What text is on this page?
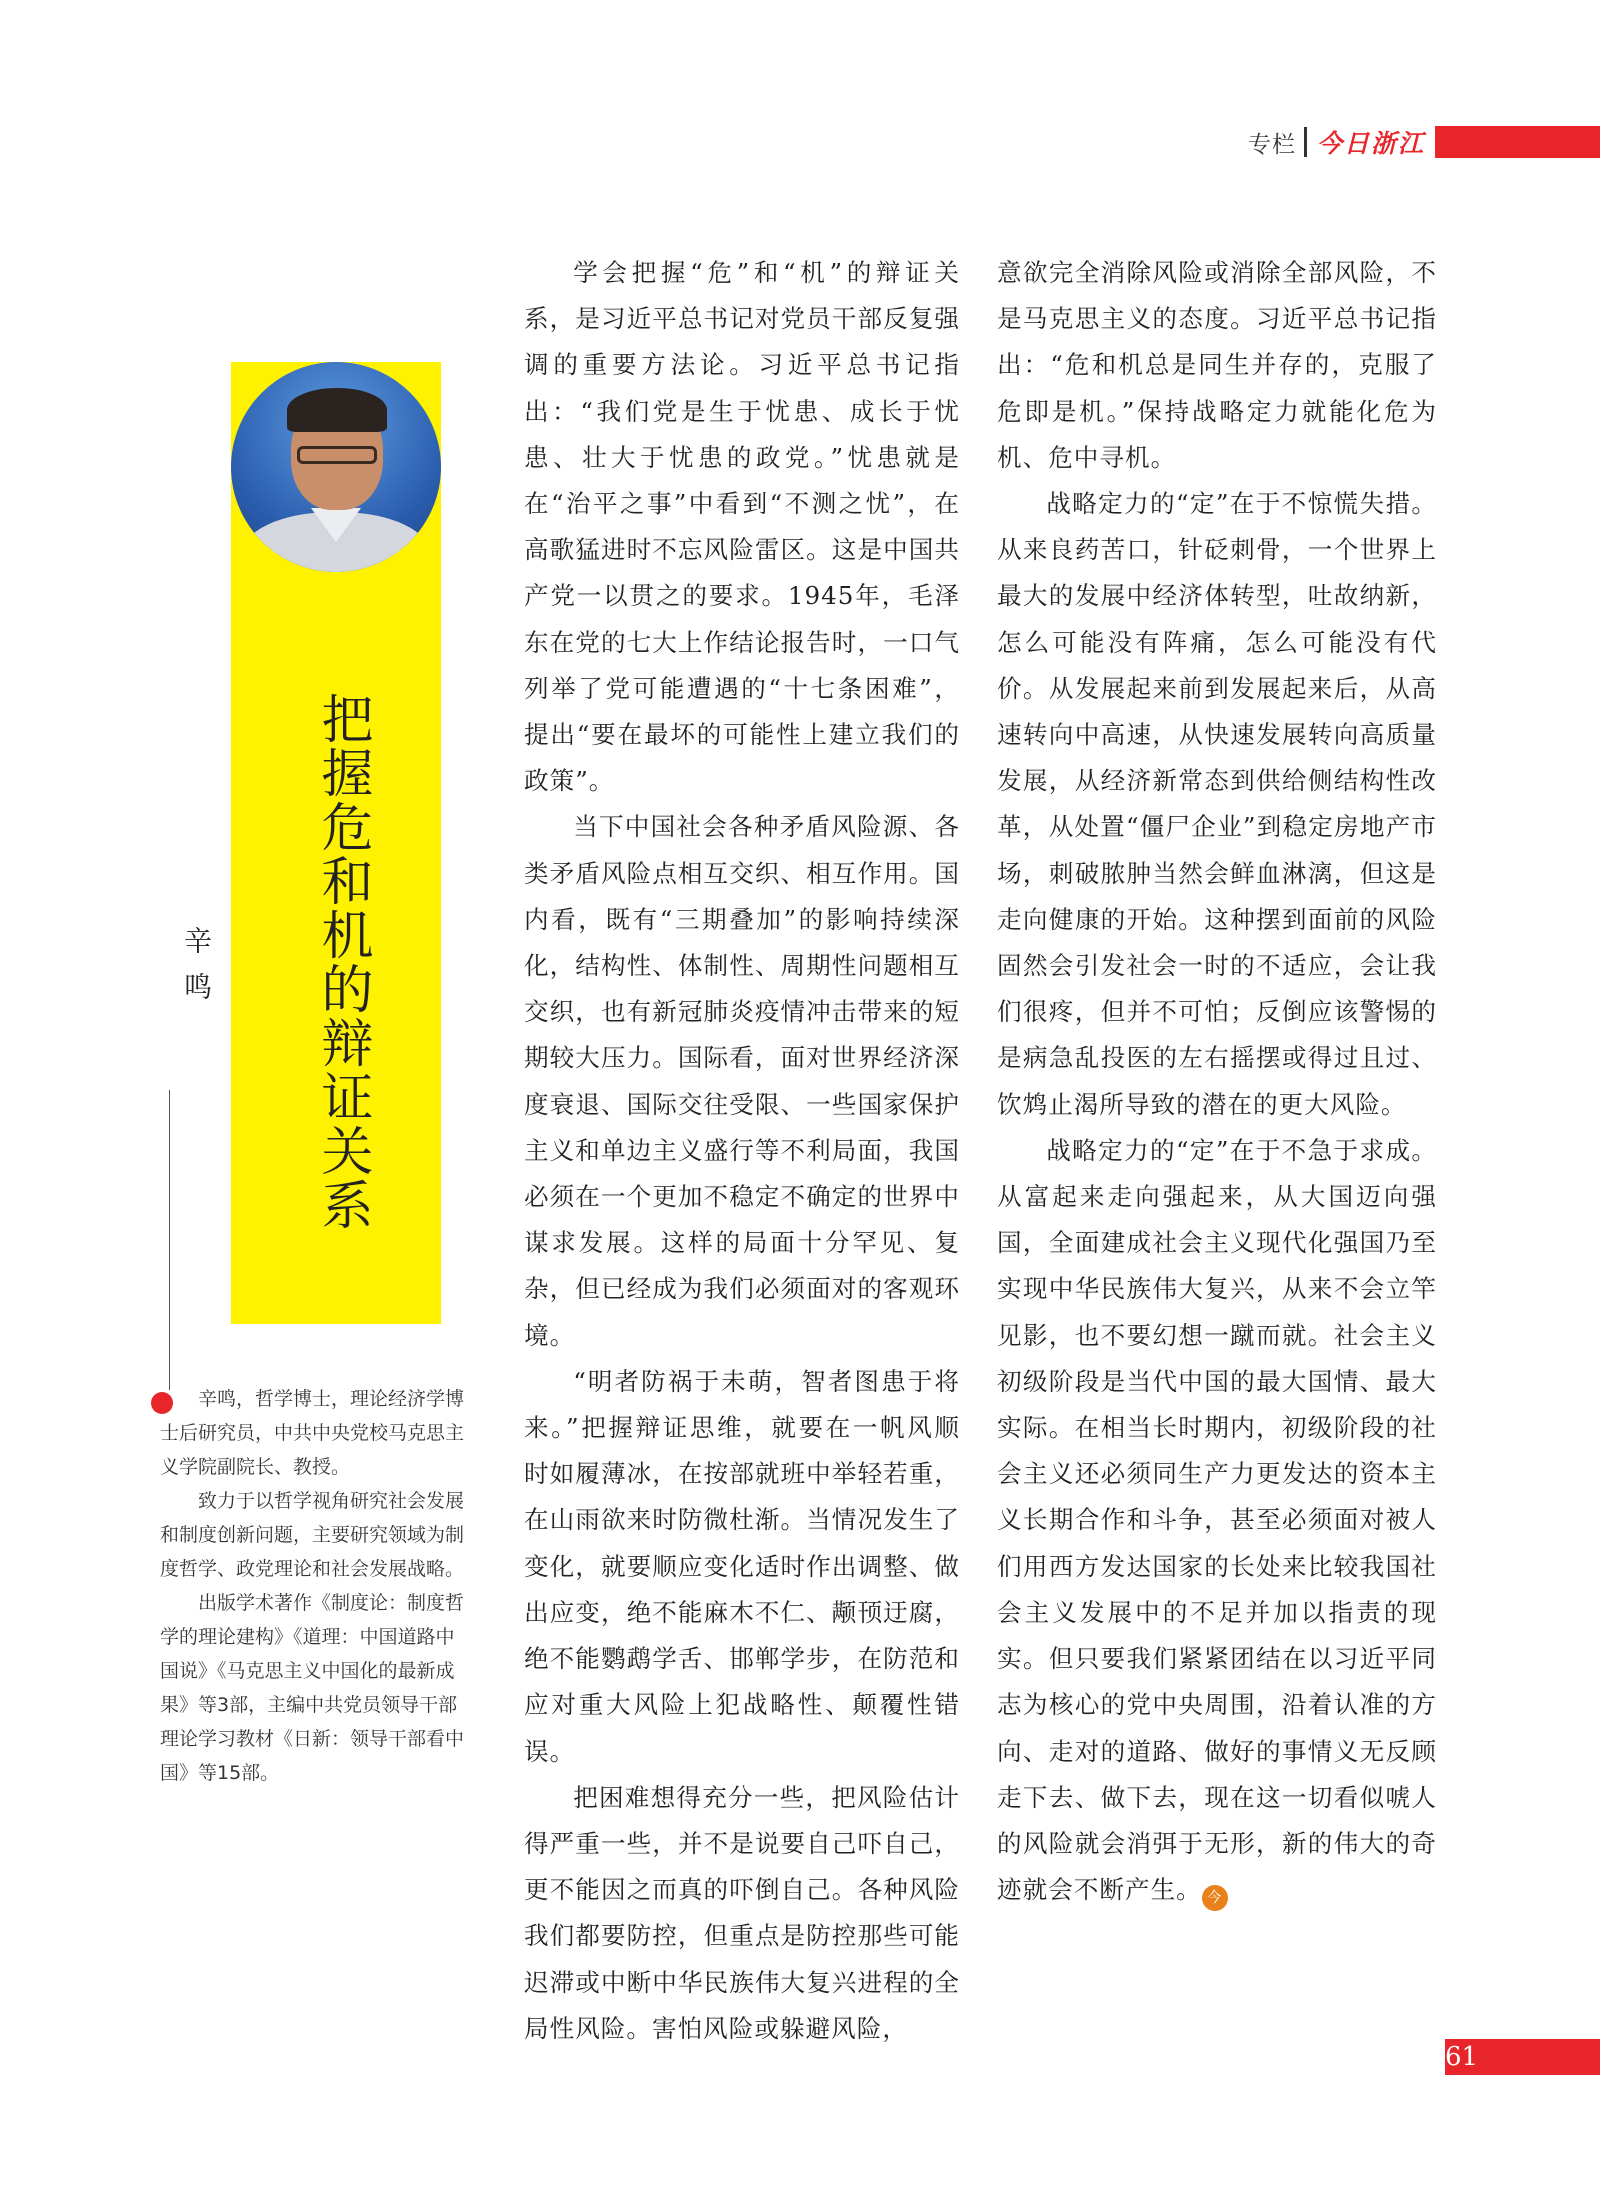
专栏 今日浙江
把握危和机的辩证关系
辛鸣

辛鸣，哲学博士，理论经济学博士后研究员，中共中央党校马克思主义学院副院长、教授。

致力于以哲学视角研究社会发展和制度创新问题，主要研究领域为制度哲学、政党理论和社会发展战略。

出版学术著作《制度论：制度哲学的理论建构》《道理：中国道路中国说》《马克思主义中国化的最新成果》等3部，主编中共党员领导干部理论学习教材《日新：领导干部看中国》等15部。

学会把握“危”和“机”的辩证关系，是习近平总书记对党员干部反复强调的重要方法论。习近平总书记指出：“我们党是生于忧患、成长于忧患、壮大于忧患的政党。”忧患就是在“治平之事”中看到“不测之忧”，在高歌猛进时不忘风险雷区。这是中国共产党一以贯之的要求。1945年，毛泽东在党的七大上作结论报告时，一口气列举了党可能遭遇的“十七条困难”，提出“要在最坏的可能性上建立我们的政策”。

当下中国社会各种矛盾风险源、各类矛盾风险点相互交织、相互作用。国内看，既有“三期叠加”的影响持续深化，结构性、体制性、周期性问题相互交织，也有新冠肺炎疫情冲击带来的短期较大压力。国际看，面对世界经济深度衰退、国际交往受限、一些国家保护主义和单边主义盛行等不利局面，我国必须在一个更加不稳定不确定的世界中谋求发展。这样的局面十分罕见、复杂，但已经成为我们必须面对的客观环境。

“明者防祸于未萌，智者图患于将来。”把握辩证思维，就要在一帆风顺时如履薄冰，在按部就班中举轻若重，在山雨欲来时防微杜渐。当情况发生了变化，就要顺应变化适时作出调整、做出应变，绝不能麻木不仁、颟顸迂腐，绝不能鹦鹉学舌、邯郸学步，在防范和应对重大风险上犯战略性、颠覆性错误。

把困难想得充分一些，把风险估计得严重一些，并不是说要自己吓自己，更不能因之而真的吓倒自己。各种风险我们都要防控，但重点是防控那些可能迟滞或中断中华民族伟大复兴进程的全局性风险。害怕风险或躲避风险，

意欲完全消除风险或消除全部风险，不是马克思主义的态度。习近平总书记指出：“危和机总是同生并存的，克服了危即是机。”保持战略定力就能化危为机、危中寻机。

战略定力的“定”在于不惊慌失措。从来良药苦口，针砭刺骨，一个世界上最大的发展中经济体转型，吐故纳新，怎么可能没有阵痛，怎么可能没有代价。从发展起来前到发展起来后，从高速转向中高速，从快速发展转向高质量发展，从经济新常态到供给侧结构性改革，从处置“僵尸企业”到稳定房地产市场，刺破脓肿当然会鲜血淋漓，但这是走向健康的开始。这种摆到面前的风险固然会引发社会一时的不适应，会让我们很疼，但并不可怕；反倒应该警惕的是病急乱投医的左右摇摆或得过且过、饮鸩止渴所导致的潜在的更大风险。

战略定力的“定”在于不急于求成。从富起来走向强起来，从大国迈向强国，全面建成社会主义现代化强国乃至实现中华民族伟大复兴，从来不会立竿见影，也不要幻想一蹴而就。社会主义初级阶段是当代中国的最大国情、最大实际。在相当长时期内，初级阶段的社会主义还必须同生产力更发达的资本主义长期合作和斗争，甚至必须面对被人们用西方发达国家的长处来比较我国社会主义发展中的不足并加以指责的现实。但只要我们紧紧团结在以习近平同志为核心的党中央周围，沿着认准的方向、走对的道路、做好的事情义无反顾走下去、做下去，现在这一切看似唬人的风险就会消弭于无形，新的伟大的奇迹就会不断产生。 今

61
